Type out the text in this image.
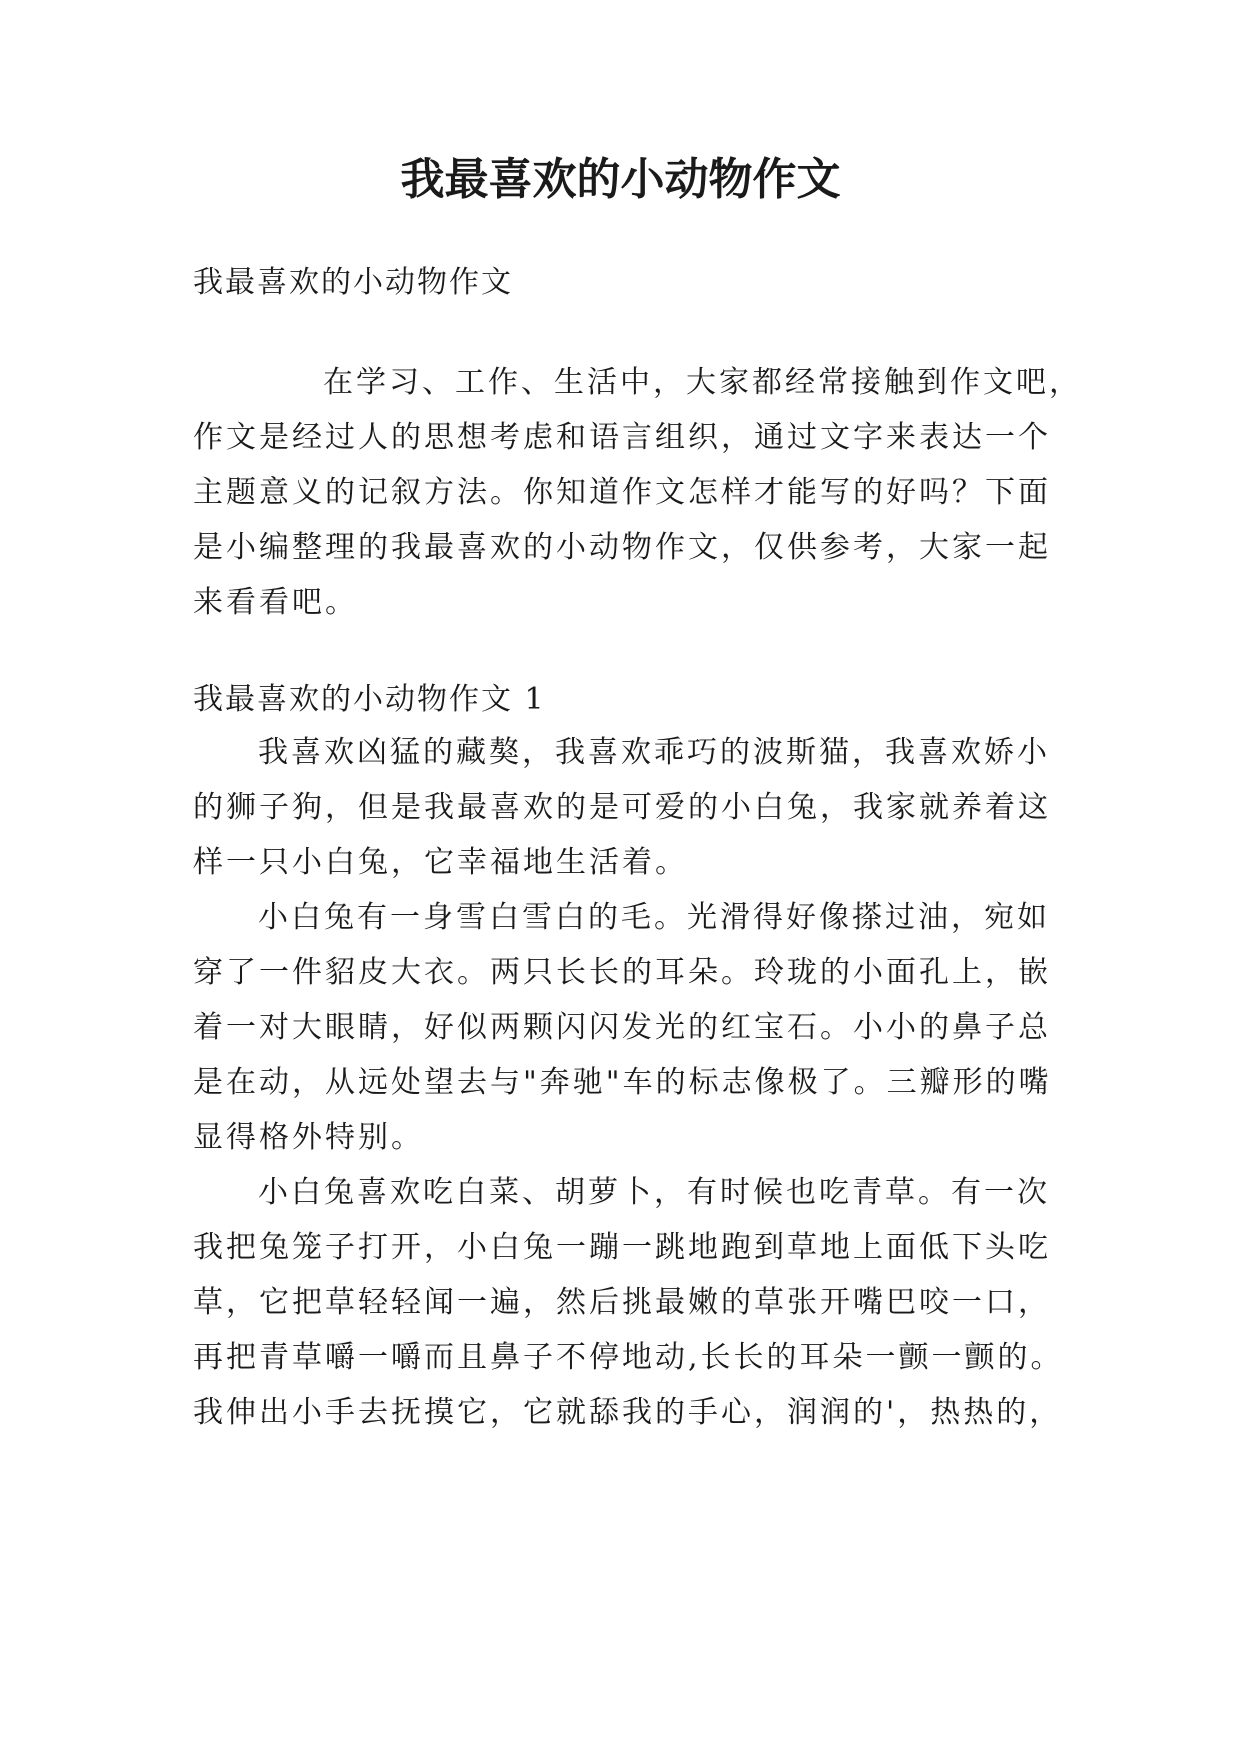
我最喜欢的小动物作文

我最喜欢的小动物作文

在学习、工作、生活中，大家都经常接触到作文吧，

作文是经过人的思想考虑和语言组织，通过文字来表达一个

主题意义的记叙方法。你知道作文怎样才能写的好吗？下面

是小编整理的我最喜欢的小动物作文，仅供参考，大家一起

来看看吧。

我最喜欢的小动物作文 1

我喜欢凶猛的藏獒，我喜欢乖巧的波斯猫，我喜欢娇小

的狮子狗，但是我最喜欢的是可爱的小白兔，我家就养着这

样一只小白兔，它幸福地生活着。

小白兔有一身雪白雪白的毛。光滑得好像搽过油，宛如

穿了一件貂皮大衣。两只长长的耳朵。玲珑的小面孔上，嵌

着一对大眼睛，好似两颗闪闪发光的红宝石。小小的鼻子总

是在动，从远处望去与"奔驰"车的标志像极了。三瓣形的嘴

显得格外特别。

小白兔喜欢吃白菜、胡萝卜，有时候也吃青草。有一次

我把兔笼子打开，小白兔一蹦一跳地跑到草地上面低下头吃

草，它把草轻轻闻一遍，然后挑最嫩的草张开嘴巴咬一口，

再把青草嚼一嚼而且鼻子不停地动,长长的耳朵一颤一颤的。

我伸出小手去抚摸它，它就舔我的手心，润润的'，热热的，
